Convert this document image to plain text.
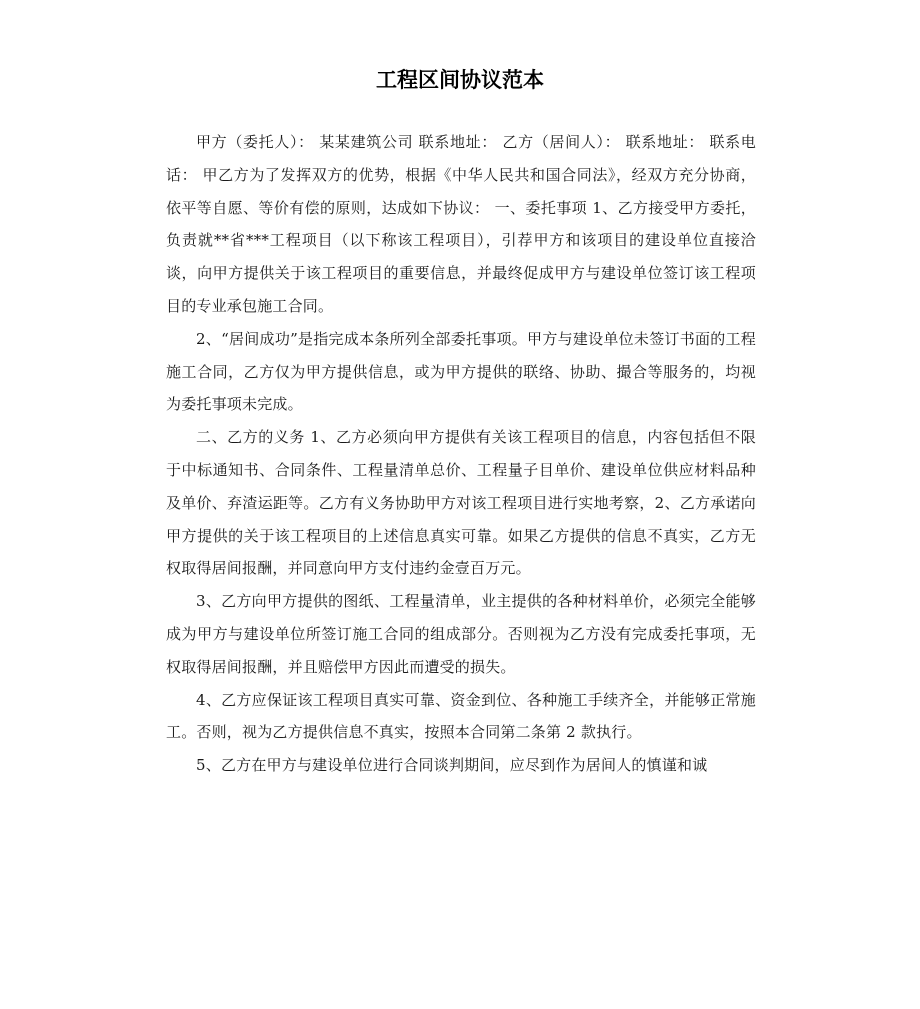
工程区间协议范本

甲方（委托人）： 某某建筑公司 联系地址： 乙方（居间人）： 联系地址： 联系电话： 甲乙方为了发挥双方的优势，根据《中华人民共和国合同法》，经双方充分协商，依平等自愿、等价有偿的原则，达成如下协议： 一、委托事项 1、乙方接受甲方委托，负责就**省***工程项目（以下称该工程项目），引荐甲方和该项目的建设单位直接洽谈，向甲方提供关于该工程项目的重要信息，并最终促成甲方与建设单位签订该工程项目的专业承包施工合同。

2、“居间成功”是指完成本条所列全部委托事项。甲方与建设单位未签订书面的工程施工合同，乙方仅为甲方提供信息，或为甲方提供的联络、协助、撮合等服务的，均视为委托事项未完成。

二、乙方的义务 1、乙方必须向甲方提供有关该工程项目的信息，内容包括但不限于中标通知书、合同条件、工程量清单总价、工程量子目单价、建设单位供应材料品种及单价、弃渣运距等。乙方有义务协助甲方对该工程项目进行实地考察，2、乙方承诺向甲方提供的关于该工程项目的上述信息真实可靠。如果乙方提供的信息不真实，乙方无权取得居间报酬，并同意向甲方支付违约金壹百万元。

3、乙方向甲方提供的图纸、工程量清单，业主提供的各种材料单价，必须完全能够成为甲方与建设单位所签订施工合同的组成部分。否则视为乙方没有完成委托事项，无权取得居间报酬，并且赔偿甲方因此而遭受的损失。

4、乙方应保证该工程项目真实可靠、资金到位、各种施工手续齐全，并能够正常施工。否则，视为乙方提供信息不真实，按照本合同第二条第 2 款执行。

5、乙方在甲方与建设单位进行合同谈判期间，应尽到作为居间人的慎谨和诚
